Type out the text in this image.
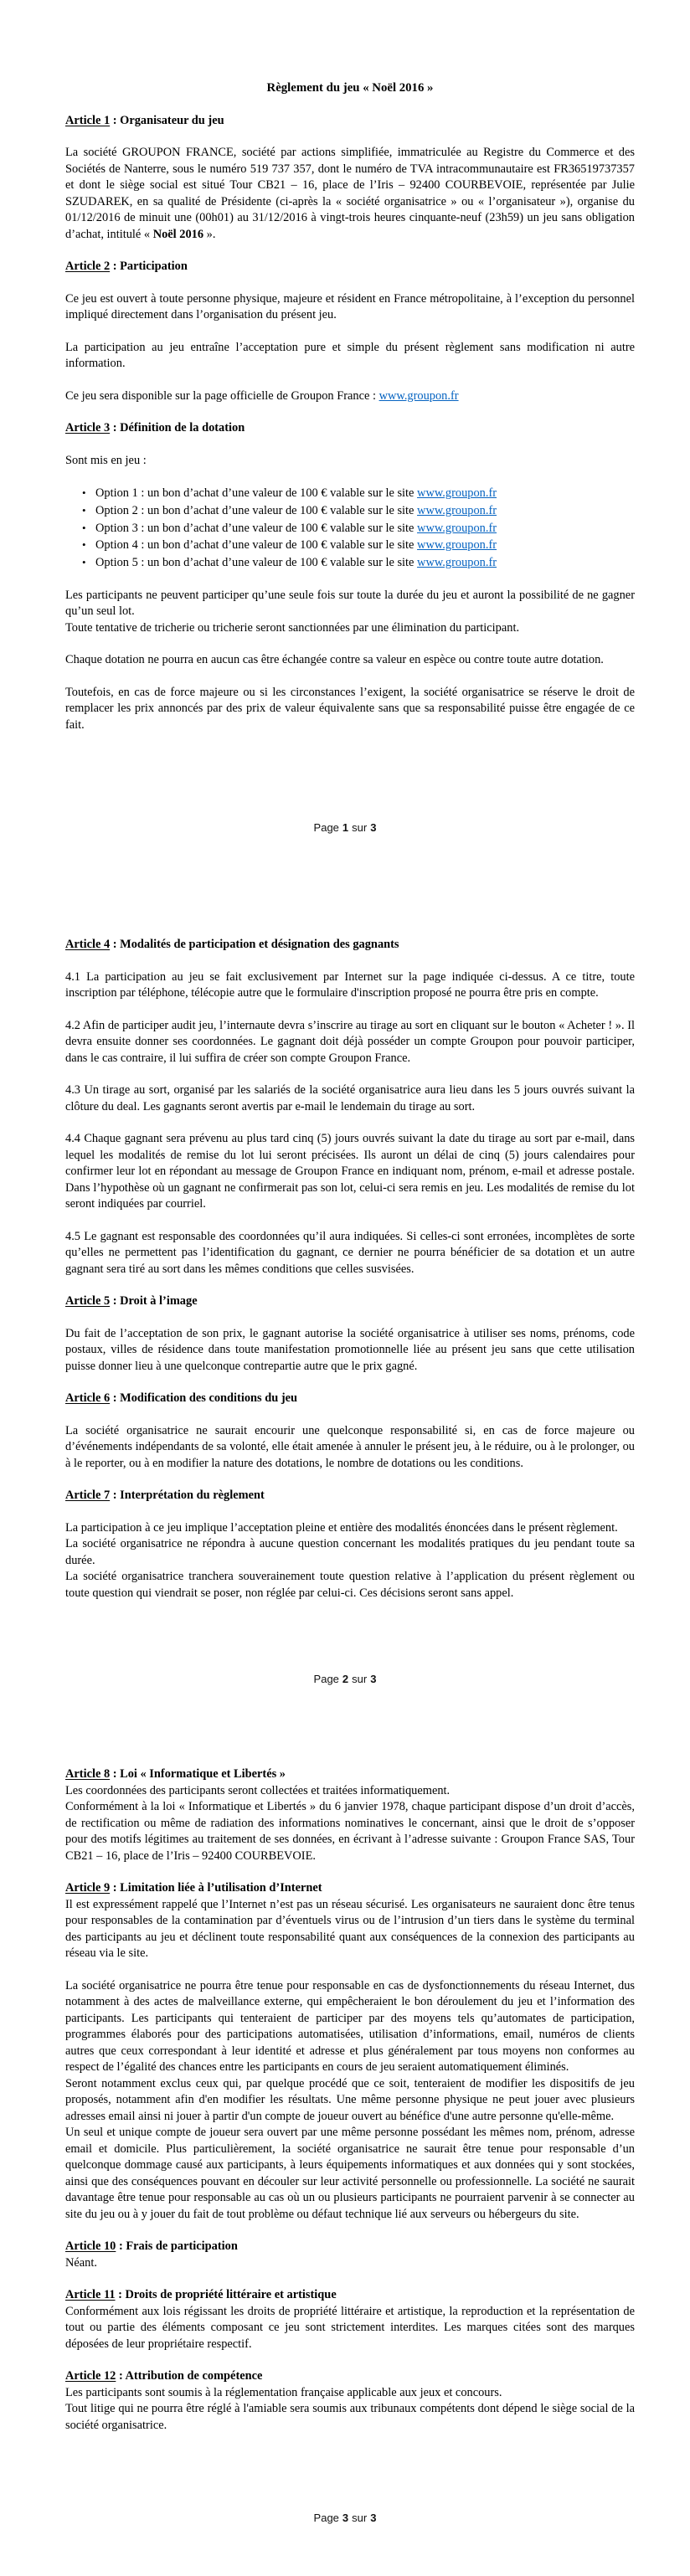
Règlement du jeu « Noël 2016 »
Article 1 : Organisateur du jeu
La société GROUPON FRANCE, société par actions simplifiée, immatriculée au Registre du Commerce et des Sociétés de Nanterre, sous le numéro 519 737 357, dont le numéro de TVA intracommunautaire est FR36519737357 et dont le siège social est situé Tour CB21 – 16, place de l’Iris – 92400 COURBEVOIE, représentée par Julie SZUDAREK, en sa qualité de Présidente (ci-après la « société organisatrice » ou « l’organisateur »), organise du 01/12/2016 de minuit une (00h01) au 31/12/2016 à vingt-trois heures cinquante-neuf (23h59) un jeu sans obligation d’achat, intitulé « Noël 2016 ».
Article 2 : Participation
Ce jeu est ouvert à toute personne physique, majeure et résident en France métropolitaine, à l’exception du personnel impliqué directement dans l’organisation du présent jeu.
La participation au jeu entraîne l’acceptation pure et simple du présent règlement sans modification ni autre information.
Ce jeu sera disponible sur la page officielle de Groupon France : www.groupon.fr
Article 3 : Définition de la dotation
Sont mis en jeu :
• Option 1 : un bon d’achat d’une valeur de 100 € valable sur le site www.groupon.fr
• Option 2 : un bon d’achat d’une valeur de 100 € valable sur le site www.groupon.fr
• Option 3 : un bon d’achat d’une valeur de 100 € valable sur le site www.groupon.fr
• Option 4 : un bon d’achat d’une valeur de 100 € valable sur le site www.groupon.fr
• Option 5 : un bon d’achat d’une valeur de 100 € valable sur le site www.groupon.fr
Les participants ne peuvent participer qu’une seule fois sur toute la durée du jeu et auront la possibilité de ne gagner qu’un seul lot.
Toute tentative de tricherie ou tricherie seront sanctionnées par une élimination du participant.
Chaque dotation ne pourra en aucun cas être échangée contre sa valeur en espèce ou contre toute autre dotation.
Toutefois, en cas de force majeure ou si les circonstances l’exigent, la société organisatrice se réserve le droit de remplacer les prix annoncés par des prix de valeur équivalente sans que sa responsabilité puisse être engagée de ce fait.
Page 1 sur 3
Article 4 : Modalités de participation et désignation des gagnants
4.1 La participation au jeu se fait exclusivement par Internet sur la page indiquée ci-dessus. A ce titre, toute inscription par téléphone, télécopie autre que le formulaire d'inscription proposé ne pourra être pris en compte.
4.2 Afin de participer audit jeu, l’internaute devra s’inscrire au tirage au sort en cliquant sur le bouton « Acheter ! ». Il devra ensuite donner ses coordonnées. Le gagnant doit déjà posséder un compte Groupon pour pouvoir participer, dans le cas contraire, il lui suffira de créer son compte Groupon France.
4.3 Un tirage au sort, organisé par les salariés de la société organisatrice aura lieu dans les 5 jours ouvrés suivant la clôture du deal. Les gagnants seront avertis par e-mail le lendemain du tirage au sort.
4.4 Chaque gagnant sera prévenu au plus tard cinq (5) jours ouvrés suivant la date du tirage au sort par e-mail, dans lequel les modalités de remise du lot lui seront précisées. Ils auront un délai de cinq (5) jours calendaires pour confirmer leur lot en répondant au message de Groupon France en indiquant nom, prénom, e-mail et adresse postale. Dans l’hypothèse où un gagnant ne confirmerait pas son lot, celui-ci sera remis en jeu. Les modalités de remise du lot seront indiquées par courriel.
4.5 Le gagnant est responsable des coordonnées qu’il aura indiquées. Si celles-ci sont erronées, incomplètes de sorte qu’elles ne permettent pas l’identification du gagnant, ce dernier ne pourra bénéficier de sa dotation et un autre gagnant sera tiré au sort dans les mêmes conditions que celles susvisées.
Article 5 : Droit à l’image
Du fait de l’acceptation de son prix, le gagnant autorise la société organisatrice à utiliser ses noms, prénoms, code postaux, villes de résidence dans toute manifestation promotionnelle liée au présent jeu sans que cette utilisation puisse donner lieu à une quelconque contrepartie autre que le prix gagné.
Article 6 : Modification des conditions du jeu
La société organisatrice ne saurait encourir une quelconque responsabilité si, en cas de force majeure ou d’événements indépendants de sa volonté, elle était amenée à annuler le présent jeu, à le réduire, ou à le prolonger, ou à le reporter, ou à en modifier la nature des dotations, le nombre de dotations ou les conditions.
Article 7 : Interprétation du règlement
La participation à ce jeu implique l’acceptation pleine et entière des modalités énoncées dans le présent règlement.
La société organisatrice ne répondra à aucune question concernant les modalités pratiques du jeu pendant toute sa durée.
La société organisatrice tranchera souverainement toute question relative à l’application du présent règlement ou toute question qui viendrait se poser, non réglée par celui-ci. Ces décisions seront sans appel.
Page 2 sur 3
Article 8 : Loi « Informatique et Libertés »
Les coordonnées des participants seront collectées et traitées informatiquement.
Conformément à la loi « Informatique et Libertés » du 6 janvier 1978, chaque participant dispose d’un droit d’accès, de rectification ou même de radiation des informations nominatives le concernant, ainsi que le droit de s’opposer pour des motifs légitimes au traitement de ses données, en écrivant à l’adresse suivante : Groupon France SAS, Tour CB21 – 16, place de l’Iris – 92400 COURBEVOIE.
Article 9 : Limitation liée à l’utilisation d’Internet
Il est expressément rappelé que l’Internet n’est pas un réseau sécurisé. Les organisateurs ne sauraient donc être tenus pour responsables de la contamination par d’éventuels virus ou de l’intrusion d’un tiers dans le système du terminal des participants au jeu et déclinent toute responsabilité quant aux conséquences de la connexion des participants au réseau via le site.
La société organisatrice ne pourra être tenue pour responsable en cas de dysfonctionnements du réseau Internet, dus notamment à des actes de malveillance externe, qui empêcheraient le bon déroulement du jeu et l’information des participants. Les participants qui tenteraient de participer par des moyens tels qu’automates de participation, programmes élaborés pour des participations automatisées, utilisation d’informations, email, numéros de clients autres que ceux correspondant à leur identité et adresse et plus généralement par tous moyens non conformes au respect de l’égalité des chances entre les participants en cours de jeu seraient automatiquement éliminés.
Seront notamment exclus ceux qui, par quelque procédé que ce soit, tenteraient de modifier les dispositifs de jeu proposés, notamment afin d'en modifier les résultats. Une même personne physique ne peut jouer avec plusieurs adresses email ainsi ni jouer à partir d'un compte de joueur ouvert au bénéfice d'une autre personne qu'elle-même.
Un seul et unique compte de joueur sera ouvert par une même personne possédant les mêmes nom, prénom, adresse email et domicile. Plus particulièrement, la société organisatrice ne saurait être tenue pour responsable d’un quelconque dommage causé aux participants, à leurs équipements informatiques et aux données qui y sont stockées, ainsi que des conséquences pouvant en découler sur leur activité personnelle ou professionnelle. La société ne saurait davantage être tenue pour responsable au cas où un ou plusieurs participants ne pourraient parvenir à se connecter au site du jeu ou à y jouer du fait de tout problème ou défaut technique lié aux serveurs ou hébergeurs du site.
Article 10 : Frais de participation
Néant.
Article 11 : Droits de propriété littéraire et artistique
Conformément aux lois régissant les droits de propriété littéraire et artistique, la reproduction et la représentation de tout ou partie des éléments composant ce jeu sont strictement interdites. Les marques citées sont des marques déposées de leur propriétaire respectif.
Article 12 : Attribution de compétence
Les participants sont soumis à la réglementation française applicable aux jeux et concours.
Tout litige qui ne pourra être réglé à l'amiable sera soumis aux tribunaux compétents dont dépend le siège social de la société organisatrice.
Page 3 sur 3
